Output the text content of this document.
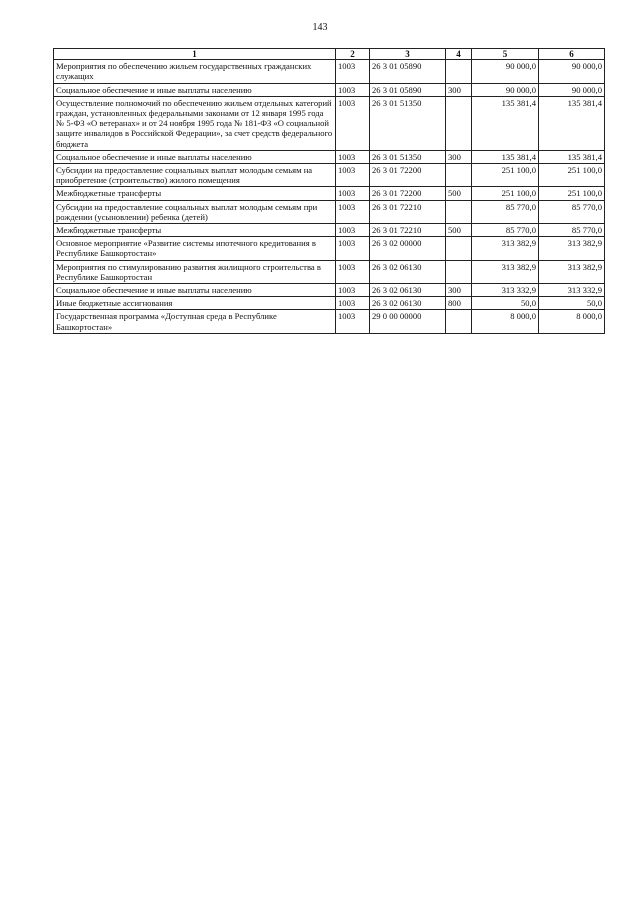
143
1	2	3	4	5	6
Мероприятия по обеспечению жильем государственных гражданских служащих	1003	26 3 01 05890		90 000,0	90 000,0
Социальное обеспечение и иные выплаты населению	1003	26 3 01 05890	300	90 000,0	90 000,0
Осуществление полномочий по обеспечению жильем отдельных категорий граждан, установленных федеральными законами от 12 января 1995 года № 5-ФЗ «О ветеранах» и от 24 ноября 1995 года № 181-ФЗ «О социальной защите инвалидов в Российской Федерации», за счет средств федерального бюджета	1003	26 3 01 51350		135 381,4	135 381,4
Социальное обеспечение и иные выплаты населению	1003	26 3 01 51350	300	135 381,4	135 381,4
Субсидии на предоставление социальных выплат молодым семьям на приобретение (строительство) жилого помещения	1003	26 3 01 72200		251 100,0	251 100,0
Межбюджетные трансферты	1003	26 3 01 72200	500	251 100,0	251 100,0
Субсидии на предоставление социальных выплат молодым семьям при рождении (усыновлении) ребенка (детей)	1003	26 3 01 72210		85 770,0	85 770,0
Межбюджетные трансферты	1003	26 3 01 72210	500	85 770,0	85 770,0
Основное мероприятие «Развитие системы ипотечного кредитования в Республике Башкортостан»	1003	26 3 02 00000		313 382,9	313 382,9
Мероприятия по стимулированию развития жилищного строительства в Республике Башкортостан	1003	26 3 02 06130		313 382,9	313 382,9
Социальное обеспечение и иные выплаты населению	1003	26 3 02 06130	300	313 332,9	313 332,9
Иные бюджетные ассигнования	1003	26 3 02 06130	800	50,0	50,0
Государственная программа «Доступная среда в Республике Башкортостан»	1003	29 0 00 00000		8 000,0	8 000,0
